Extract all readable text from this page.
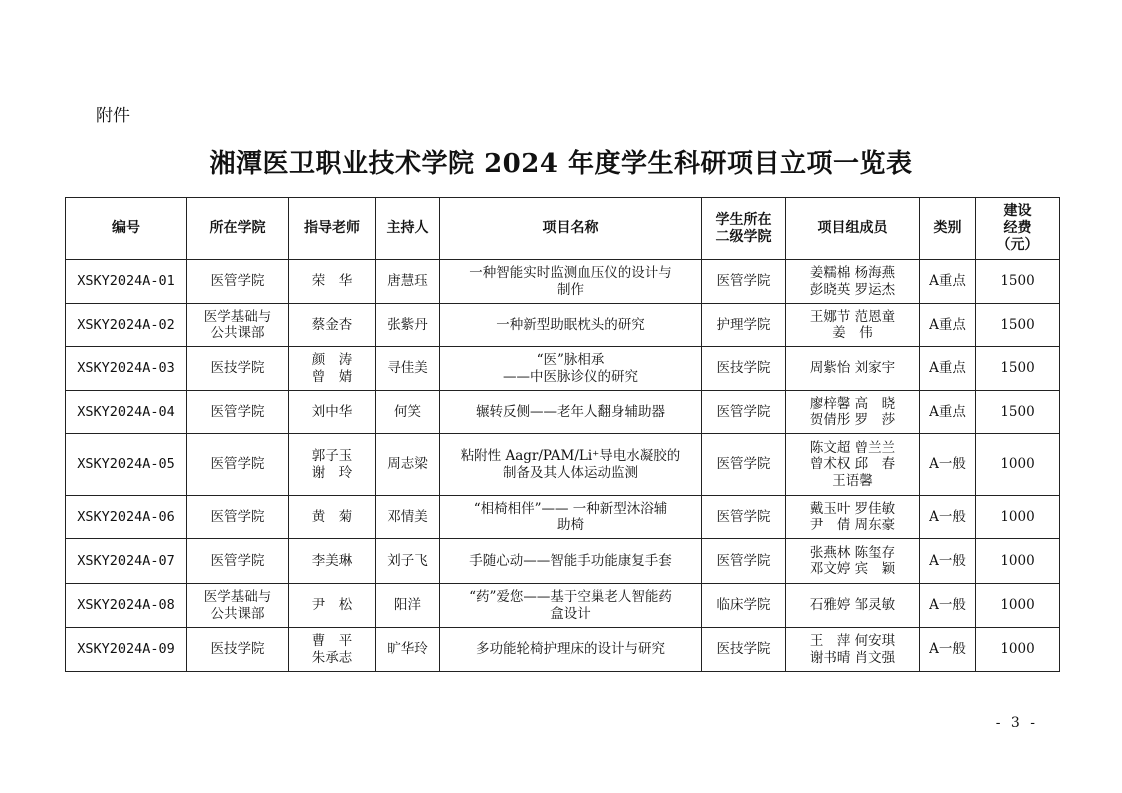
附件
湘潭医卫职业技术学院 2024 年度学生科研项目立项一览表
编号	所在学院	指导老师	主持人	项目名称	学生所在
二级学院	项目组成员	类别	建设
经费
（元）

XSKY2024A-01	医管学院	荣　华	唐慧珏	一种智能实时监测血压仪的设计与
制作	医管学院	姜糯棉 杨海燕
彭晓英 罗运杰	A重点	1500
XSKY2024A-02	医学基础与
公共课部	蔡金杏	张紫丹	一种新型助眠枕头的研究	护理学院	王娜节 范恩童
姜　伟	A重点	1500
XSKY2024A-03	医技学院	颜　涛
曾　婧	寻佳美	“医”脉相承
——中医脉诊仪的研究	医技学院	周紫怡 刘家宇	A重点	1500
XSKY2024A-04	医管学院	刘中华	何笑	辗转反侧——老年人翻身辅助器	医管学院	廖梓馨 高　晓
贺倩彤 罗　莎	A重点	1500
XSKY2024A-05	医管学院	郭子玉
谢　玲	周志梁	粘附性 Aagr/PAM/Li⁺导电水凝胶的
制备及其人体运动监测	医管学院	陈文超 曾兰兰
曾术权 邱　春
王语馨	A一般	1000
XSKY2024A-06	医管学院	黄　菊	邓情美	“相椅相伴”—— 一种新型沐浴辅
助椅	医管学院	戴玉叶 罗佳敏
尹　倩 周东豪	A一般	1000
XSKY2024A-07	医管学院	李美琳	刘子飞	手随心动——智能手功能康复手套	医管学院	张燕林 陈玺存
邓文婷 宾　颖	A一般	1000
XSKY2024A-08	医学基础与
公共课部	尹　松	阳洋	“药”爱您——基于空巢老人智能药
盒设计	临床学院	石雅婷 邹灵敏	A一般	1000
XSKY2024A-09	医技学院	曹　平
朱承志	旷华玲	多功能轮椅护理床的设计与研究	医技学院	王　萍 何安琪
谢书晴 肖文强	A一般	1000
- 3 -
